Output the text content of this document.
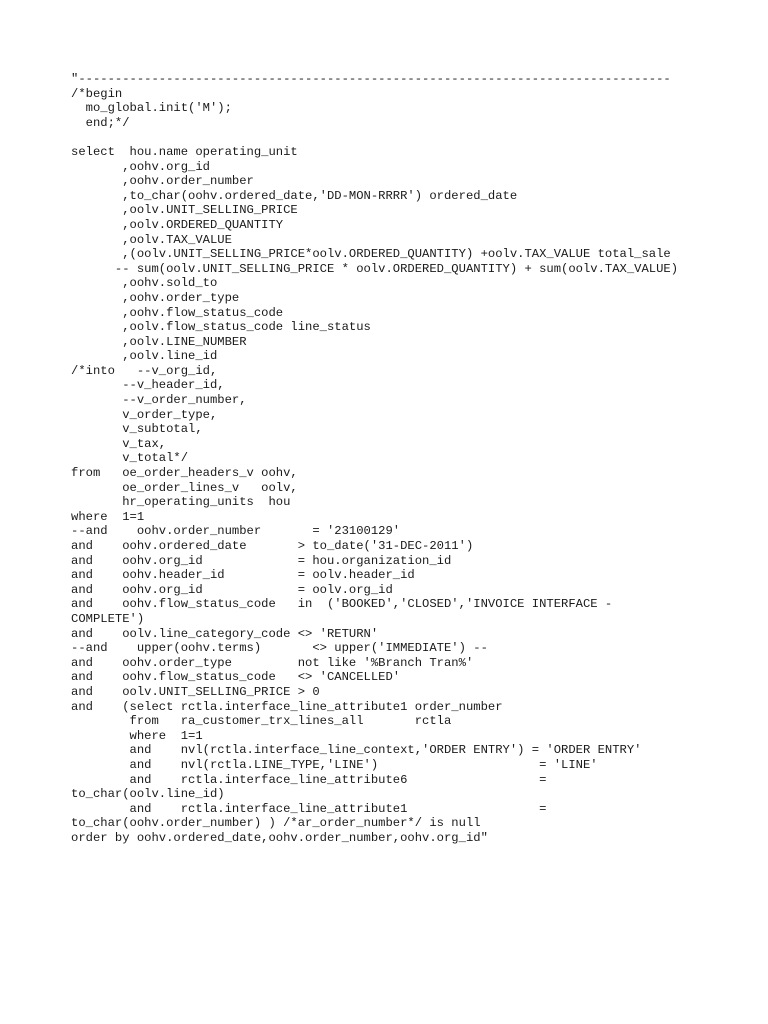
"---------------------------------------------------------------------------------
/*begin
mo_global.init('M');
end;*/
select  hou.name operating_unit
,oohv.org_id
,oohv.order_number
,to_char(oohv.ordered_date,'DD-MON-RRRR') ordered_date
,oolv.UNIT_SELLING_PRICE
,oolv.ORDERED_QUANTITY
,oolv.TAX_VALUE
,(oolv.UNIT_SELLING_PRICE*oolv.ORDERED_QUANTITY) +oolv.TAX_VALUE total_sale
-- sum(oolv.UNIT_SELLING_PRICE * oolv.ORDERED_QUANTITY) + sum(oolv.TAX_VALUE)
,oohv.sold_to
,oohv.order_type
,oohv.flow_status_code
,oolv.flow_status_code line_status
,oolv.LINE_NUMBER
,oolv.line_id
/*into   --v_org_id,
--v_header_id,
--v_order_number,
v_order_type,
v_subtotal,
v_tax,
v_total*/
from   oe_order_headers_v oohv,
oe_order_lines_v   oolv,
hr_operating_units  hou
where  1=1
--and    oohv.order_number       = '23100129'
and    oohv.ordered_date       > to_date('31-DEC-2011')
and    oohv.org_id             = hou.organization_id
and    oohv.header_id          = oolv.header_id
and    oohv.org_id             = oolv.org_id
and    oohv.flow_status_code   in  ('BOOKED','CLOSED','INVOICE INTERFACE -
COMPLETE')
and    oolv.line_category_code <> 'RETURN'
--and    upper(oohv.terms)       <> upper('IMMEDIATE') --
and    oohv.order_type         not like '%Branch Tran%'
and    oohv.flow_status_code   <> 'CANCELLED'
and    oolv.UNIT_SELLING_PRICE > 0
and    (select rctla.interface_line_attribute1 order_number
from   ra_customer_trx_lines_all       rctla
where  1=1
and    nvl(rctla.interface_line_context,'ORDER ENTRY') = 'ORDER ENTRY'
and    nvl(rctla.LINE_TYPE,'LINE')                      = 'LINE'
and    rctla.interface_line_attribute6                  =
to_char(oolv.line_id)
and    rctla.interface_line_attribute1                  =
to_char(oohv.order_number) ) /*ar_order_number*/ is null
order by oohv.ordered_date,oohv.order_number,oohv.org_id"
